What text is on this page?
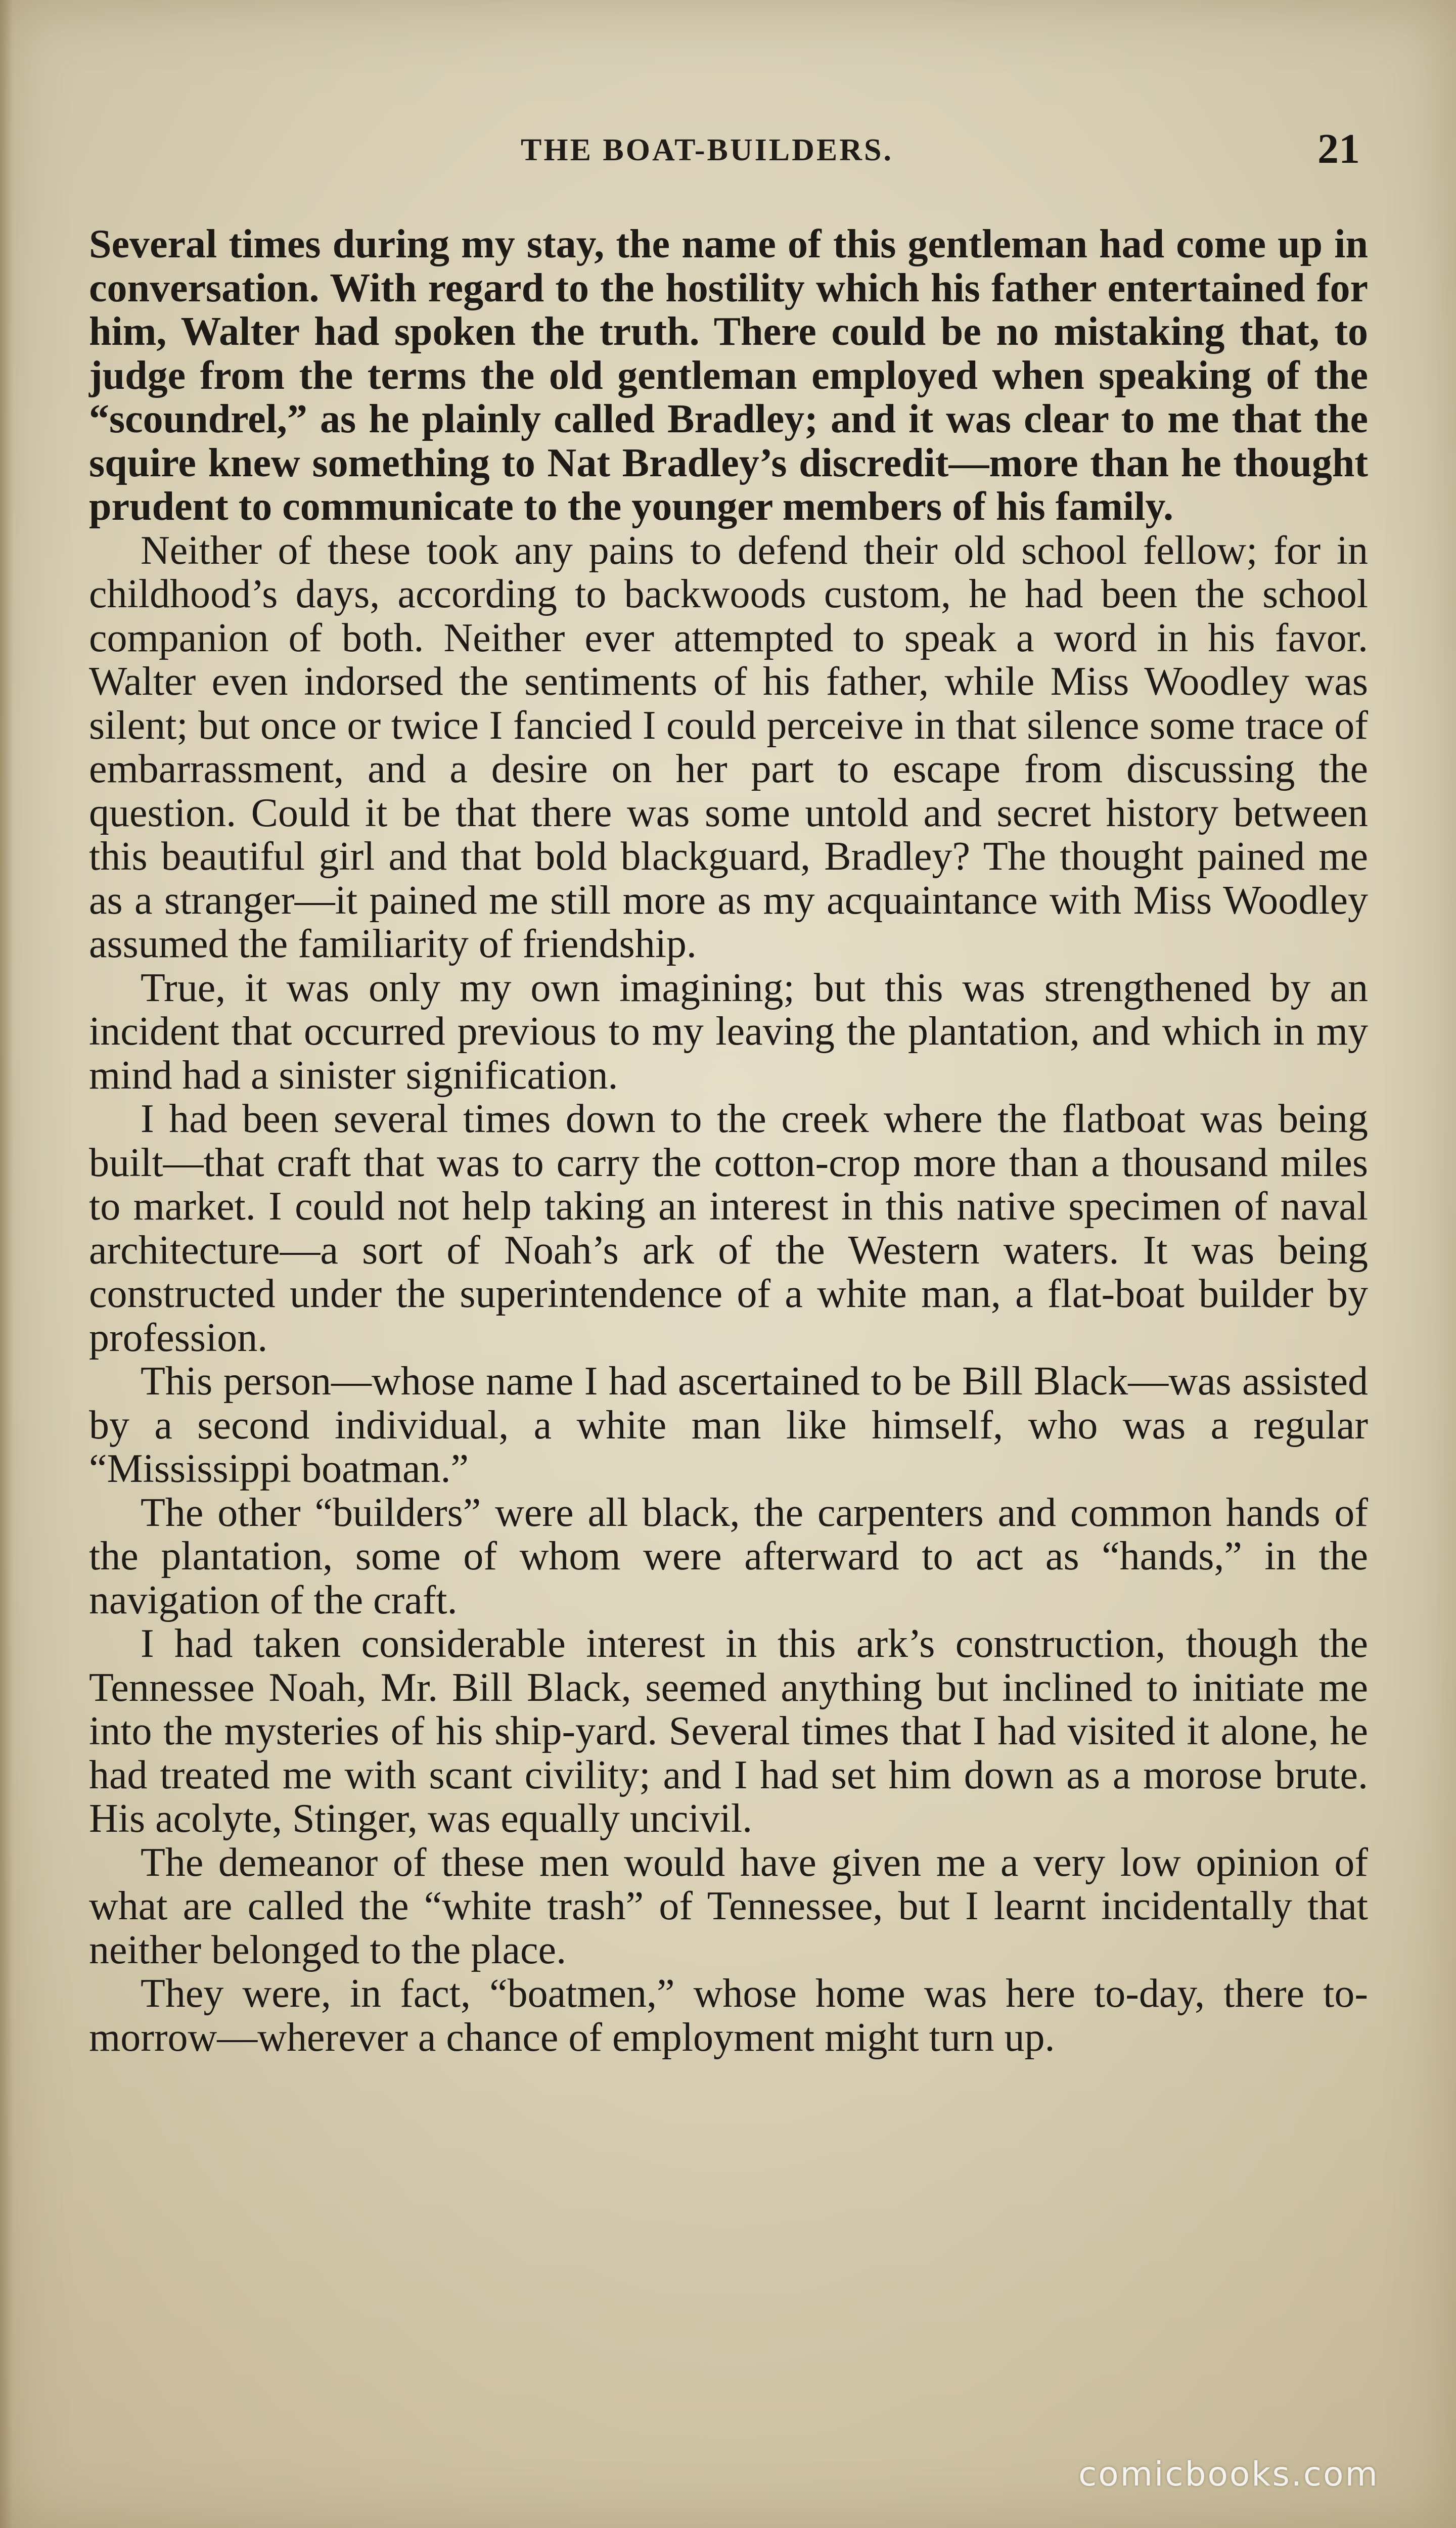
THE BOAT-BUILDERS.	21

Several times during my stay, the name of this gentleman had come up in conversation. With regard to the hostility which his father entertained for him, Walter had spoken the truth. There could be no mistaking that, to judge from the terms the old gentleman employed when speaking of the “scoundrel,” as he plainly called Bradley; and it was clear to me that the squire knew something to Nat Bradley’s discredit—more than he thought prudent to communicate to the younger members of his family.

Neither of these took any pains to defend their old school fellow; for in childhood’s days, according to backwoods custom, he had been the school companion of both. Neither ever attempted to speak a word in his favor. Walter even indorsed the sentiments of his father, while Miss Woodley was silent; but once or twice I fancied I could perceive in that silence some trace of embarrassment, and a desire on her part to escape from discussing the question. Could it be that there was some untold and secret history between this beautiful girl and that bold blackguard, Bradley? The thought pained me as a stranger—it pained me still more as my acquaintance with Miss Woodley assumed the familiarity of friendship.

True, it was only my own imagining; but this was strengthened by an incident that occurred previous to my leaving the plantation, and which in my mind had a sinister signification.

I had been several times down to the creek where the flatboat was being built—that craft that was to carry the cotton-crop more than a thousand miles to market. I could not help taking an interest in this native specimen of naval architecture—a sort of Noah’s ark of the Western waters. It was being constructed under the superintendence of a white man, a flat-boat builder by profession.

This person—whose name I had ascertained to be Bill Black—was assisted by a second individual, a white man like himself, who was a regular “Mississippi boatman.”

The other “builders” were all black, the carpenters and common hands of the plantation, some of whom were afterward to act as “hands,” in the navigation of the craft.

I had taken considerable interest in this ark’s construction, though the Tennessee Noah, Mr. Bill Black, seemed anything but inclined to initiate me into the mysteries of his ship-yard. Several times that I had visited it alone, he had treated me with scant civility; and I had set him down as a morose brute. His acolyte, Stinger, was equally uncivil.

The demeanor of these men would have given me a very low opinion of what are called the “white trash” of Tennessee, but I learnt incidentally that neither belonged to the place.

They were, in fact, “boatmen,” whose home was here to-day, there to-morrow—wherever a chance of employment might turn up.

comicbooks.com
